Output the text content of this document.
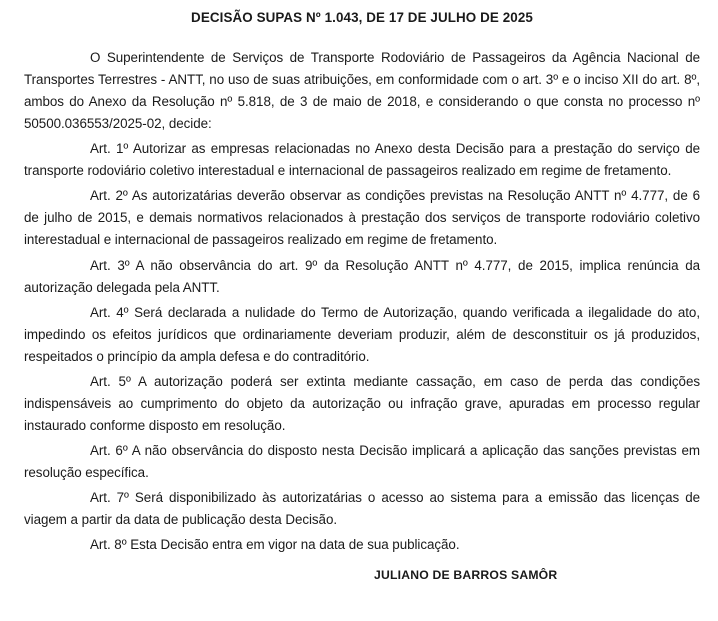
DECISÃO SUPAS Nº 1.043, DE 17 DE JULHO DE 2025

O Superintendente de Serviços de Transporte Rodoviário de Passageiros da Agência Nacional de Transportes Terrestres - ANTT, no uso de suas atribuições, em conformidade com o art. 3º e o inciso XII do art. 8º, ambos do Anexo da Resolução nº 5.818, de 3 de maio de 2018, e considerando o que consta no processo nº 50500.036553/2025-02, decide:

Art. 1º Autorizar as empresas relacionadas no Anexo desta Decisão para a prestação do serviço de transporte rodoviário coletivo interestadual e internacional de passageiros realizado em regime de fretamento.

Art. 2º As autorizatárias deverão observar as condições previstas na Resolução ANTT nº 4.777, de 6 de julho de 2015, e demais normativos relacionados à prestação dos serviços de transporte rodoviário coletivo interestadual e internacional de passageiros realizado em regime de fretamento.

Art. 3º A não observância do art. 9º da Resolução ANTT nº 4.777, de 2015, implica renúncia da autorização delegada pela ANTT.

Art. 4º Será declarada a nulidade do Termo de Autorização, quando verificada a ilegalidade do ato, impedindo os efeitos jurídicos que ordinariamente deveriam produzir, além de desconstituir os já produzidos, respeitados o princípio da ampla defesa e do contraditório.

Art. 5º A autorização poderá ser extinta mediante cassação, em caso de perda das condições indispensáveis ao cumprimento do objeto da autorização ou infração grave, apuradas em processo regular instaurado conforme disposto em resolução.

Art. 6º A não observância do disposto nesta Decisão implicará a aplicação das sanções previstas em resolução específica.

Art. 7º Será disponibilizado às autorizatárias o acesso ao sistema para a emissão das licenças de viagem a partir da data de publicação desta Decisão.

Art. 8º Esta Decisão entra em vigor na data de sua publicação.

JULIANO DE BARROS SAMÔR
